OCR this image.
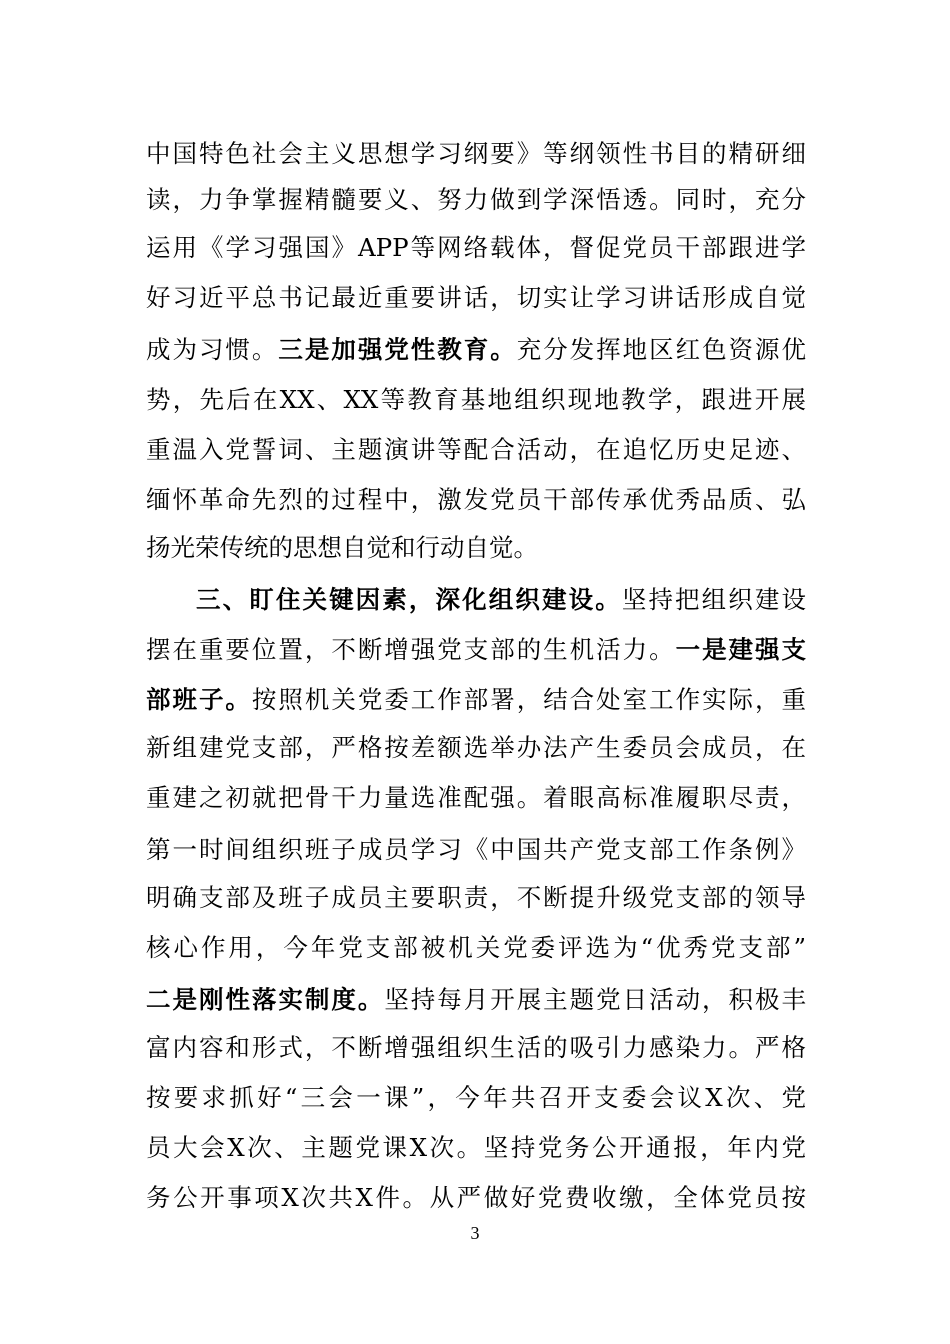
中国特色社会主义思想学习纲要》等纲领性书目的精研细
读，力争掌握精髓要义、努力做到学深悟透。同时，充分
运用《学习强国》APP等网络载体，督促党员干部跟进学
好习近平总书记最近重要讲话，切实让学习讲话形成自觉
成为习惯。三是加强党性教育。充分发挥地区红色资源优
势，先后在XX、XX等教育基地组织现地教学，跟进开展
重温入党誓词、主题演讲等配合活动，在追忆历史足迹、
缅怀革命先烈的过程中，激发党员干部传承优秀品质、弘
扬光荣传统的思想自觉和行动自觉。
三、盯住关键因素，深化组织建设。坚持把组织建设
摆在重要位置，不断增强党支部的生机活力。一是建强支
部班子。按照机关党委工作部署，结合处室工作实际，重
新组建党支部，严格按差额选举办法产生委员会成员，在
重建之初就把骨干力量选准配强。着眼高标准履职尽责，
第一时间组织班子成员学习《中国共产党支部工作条例》
明确支部及班子成员主要职责，不断提升级党支部的领导
核心作用，今年党支部被机关党委评选为“优秀党支部”
二是刚性落实制度。坚持每月开展主题党日活动，积极丰
富内容和形式，不断增强组织生活的吸引力感染力。严格
按要求抓好“三会一课”，今年共召开支委会议X次、党
员大会X次、主题党课X次。坚持党务公开通报，年内党
务公开事项X次共X件。从严做好党费收缴，全体党员按
3
